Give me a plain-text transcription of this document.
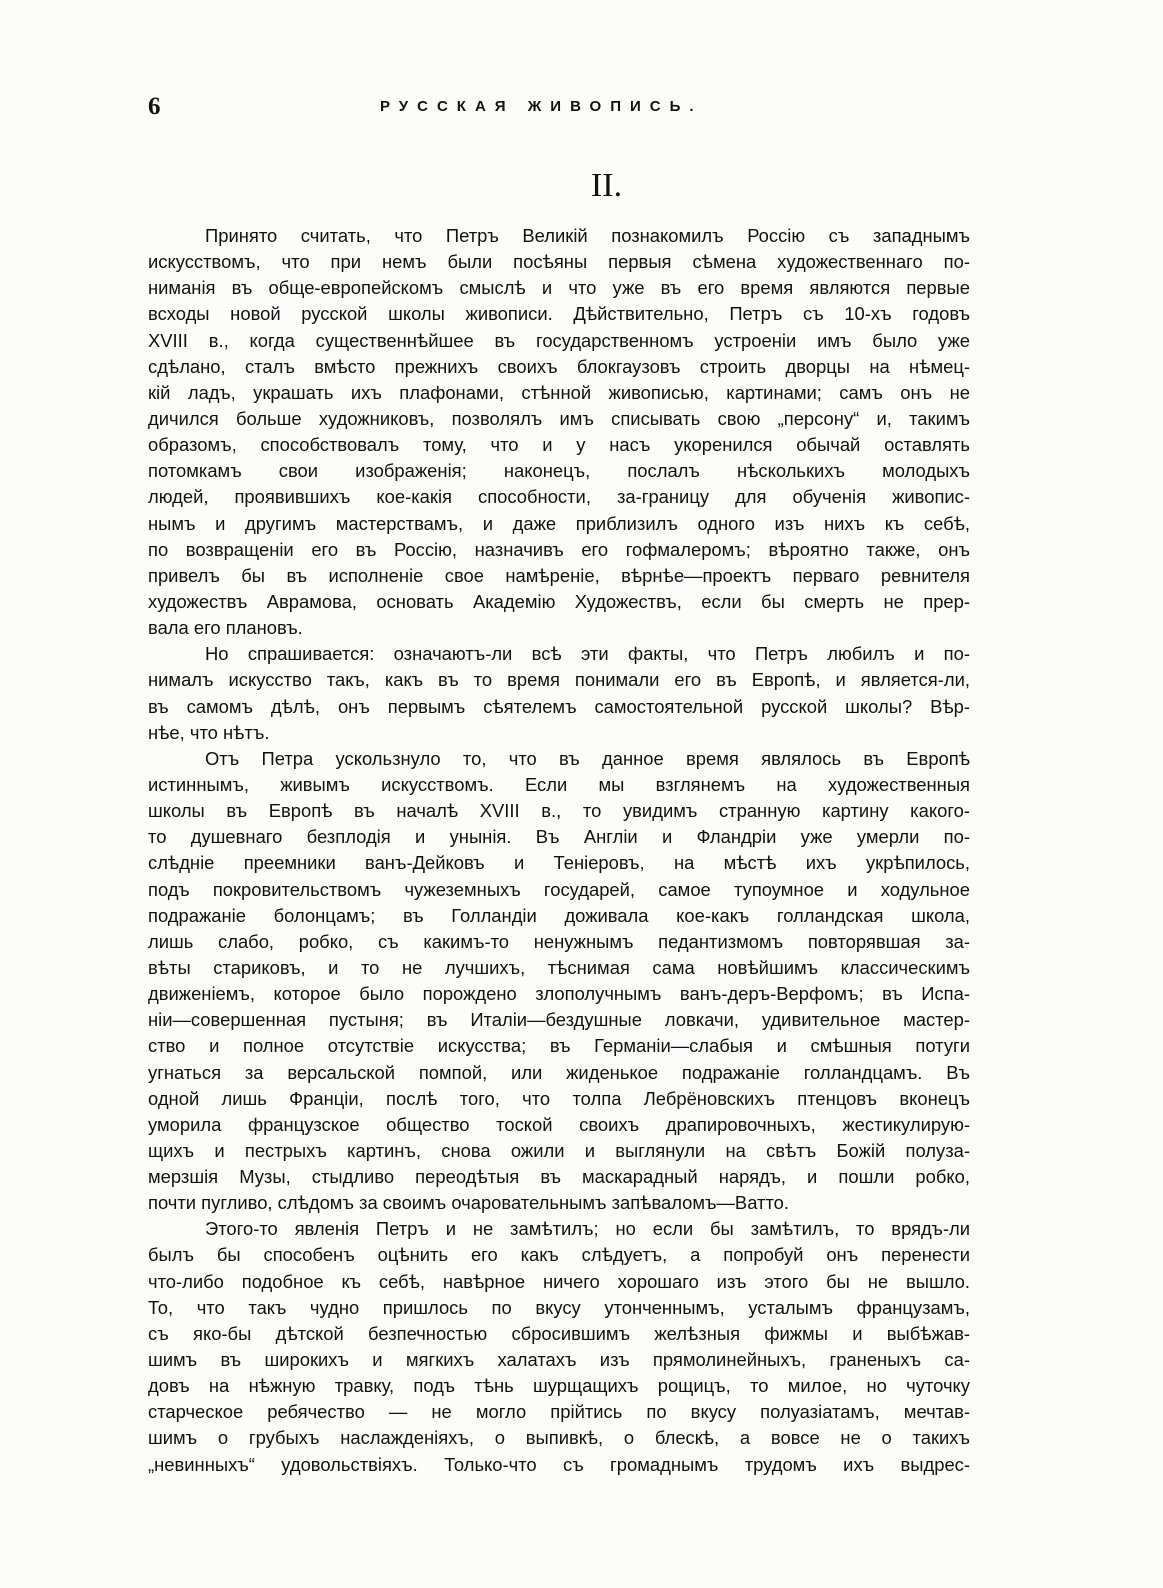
6	РУССКАЯ ЖИВОПИСЬ.
II.
Принято считать, что Петръ Великій познакомилъ Россію съ западнымъ
искусствомъ, что при немъ были посѣяны первыя сѣмена художественнаго по-
ниманія въ обще-европейскомъ смыслѣ и что уже въ его время являются первые
всходы новой русской школы живописи. Дѣйствительно, Петръ съ 10-хъ годовъ
XVIII в., когда существеннѣйшее въ государственномъ устроеніи имъ было уже
сдѣлано, сталъ вмѣсто прежнихъ своихъ блокгаузовъ строить дворцы на нѣмец-
кій ладъ, украшать ихъ плафонами, стѣнной живописью, картинами; самъ онъ не
дичился больше художниковъ, позволялъ имъ списывать свою „персону“ и, такимъ
образомъ, способствовалъ тому, что и у насъ укоренился обычай оставлять
потомкамъ свои изображенія; наконецъ, послалъ нѣсколькихъ молодыхъ
людей, проявившихъ кое-какія способности, за-границу для обученія живопис-
нымъ и другимъ мастерствамъ, и даже приблизилъ одного изъ нихъ къ себѣ,
по возвращеніи его въ Россію, назначивъ его гофмалеромъ; вѣроятно также, онъ
привелъ бы въ исполненіе свое намѣреніе, вѣрнѣе—проектъ перваго ревнителя
художествъ Аврамова, основать Академію Художествъ, если бы смерть не прер-
вала его плановъ.
Но спрашивается: означаютъ-ли всѣ эти факты, что Петръ любилъ и по-
нималъ искусство такъ, какъ въ то время понимали его въ Европѣ, и является-ли,
въ самомъ дѣлѣ, онъ первымъ сѣятелемъ самостоятельной русской школы? Вѣр-
нѣе, что нѣтъ.
Отъ Петра ускользнуло то, что въ данное время являлось въ Европѣ
истиннымъ, живымъ искусствомъ. Если мы взглянемъ на художественныя
школы въ Европѣ въ началѣ XVIII в., то увидимъ странную картину какого-
то душевнаго безплодія и унынія. Въ Англіи и Фландріи уже умерли по-
слѣдніе преемники ванъ-Дейковъ и Теніеровъ, на мѣстѣ ихъ укрѣпилось,
подъ покровительствомъ чужеземныхъ государей, самое тупоумное и ходульное
подражаніе болонцамъ; въ Голландіи доживала кое-какъ голландская школа,
лишь слабо, робко, съ какимъ-то ненужнымъ педантизмомъ повторявшая за-
вѣты стариковъ, и то не лучшихъ, тѣснимая сама новѣйшимъ классическимъ
движеніемъ, которое было порождено злополучнымъ ванъ-деръ-Верфомъ; въ Испа-
ніи—совершенная пустыня; въ Италіи—бездушные ловкачи, удивительное мастер-
ство и полное отсутствіе искусства; въ Германіи—слабыя и смѣшныя потуги
угнаться за версальской помпой, или жиденькое подражаніе голландцамъ. Въ
одной лишь Франціи, послѣ того, что толпа Лебрёновскихъ птенцовъ вконецъ
уморила французское общество тоской своихъ драпировочныхъ, жестикулирую-
щихъ и пестрыхъ картинъ, снова ожили и выглянули на свѣтъ Божій полуза-
мерзшія Музы, стыдливо переодѣтыя въ маскарадный нарядъ, и пошли робко,
почти пугливо, слѣдомъ за своимъ очаровательнымъ запѣваломъ—Ватто.
Этого-то явленія Петръ и не замѣтилъ; но если бы замѣтилъ, то врядъ-ли
былъ бы способенъ оцѣнить его какъ слѣдуетъ, а попробуй онъ перенести
что-либо подобное къ себѣ, навѣрное ничего хорошаго изъ этого бы не вышло.
То, что такъ чудно пришлось по вкусу утонченнымъ, усталымъ французамъ,
съ яко-бы дѣтской безпечностью сбросившимъ желѣзныя фижмы и выбѣжав-
шимъ въ широкихъ и мягкихъ халатахъ изъ прямолинейныхъ, граненыхъ са-
довъ на нѣжную травку, подъ тѣнь шурщащихъ рощицъ, то милое, но чуточку
старческое ребячество — не могло прійтись по вкусу полуазіатамъ, мечтав-
шимъ о грубыхъ наслажденіяхъ, о выпивкѣ, о блескѣ, а вовсе не о такихъ
„невинныхъ“ удовольствіяхъ. Только-что съ громаднымъ трудомъ ихъ выдрес-
